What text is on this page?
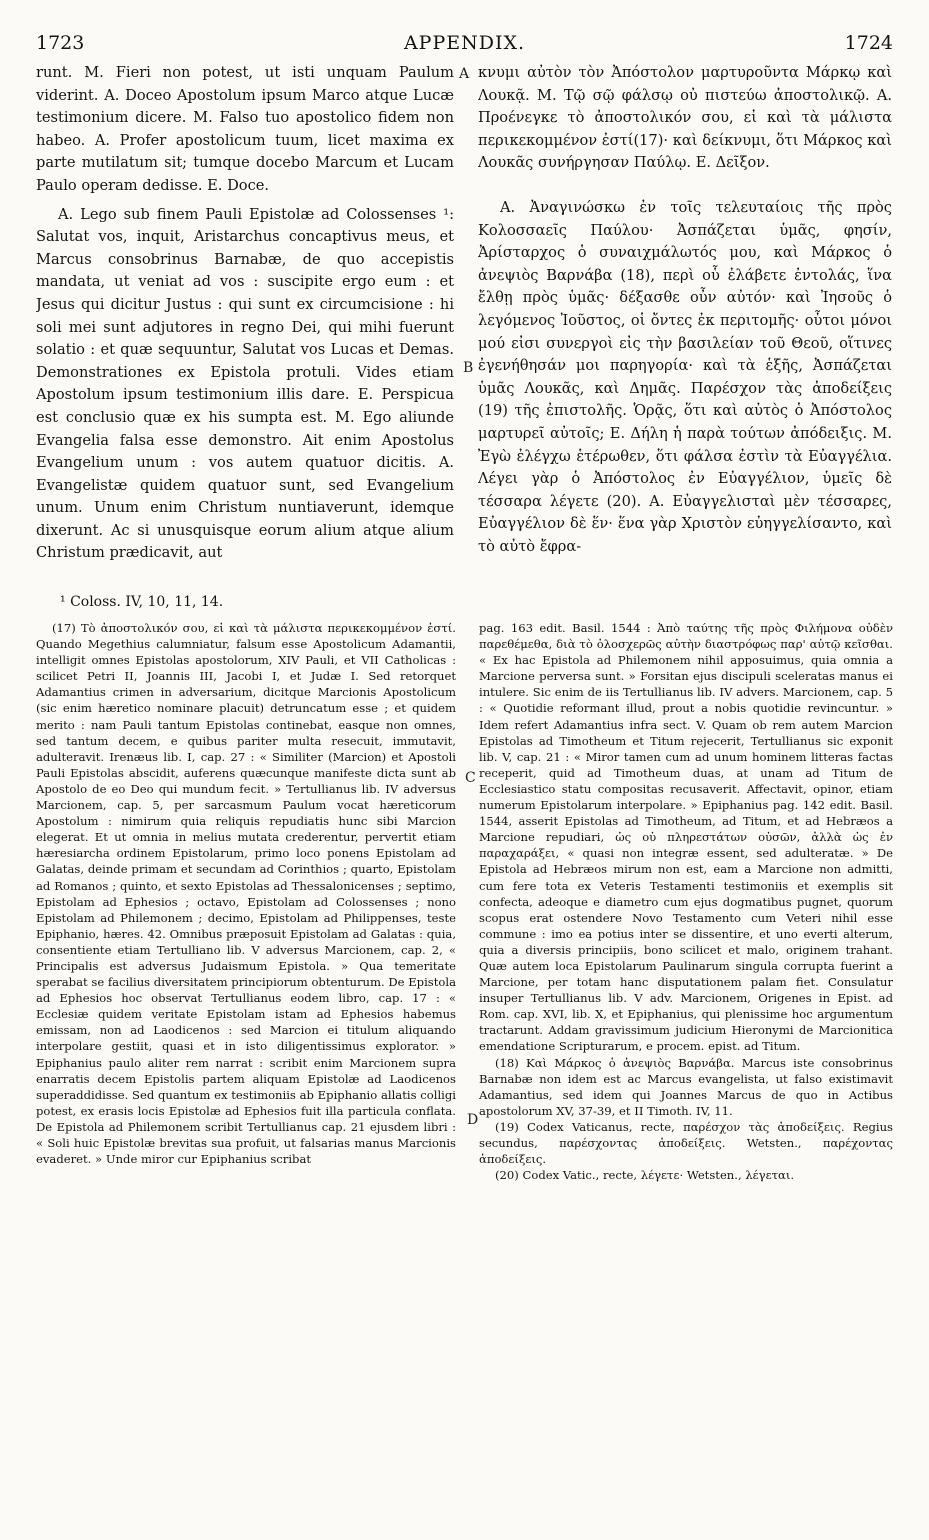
1723	APPENDIX.	1724

runt. M. Fieri non potest, ut isti unquam Paulum viderint. A. Doceo Apostolum ipsum Marco atque Lucæ testimonium dicere. M. Falso tuo apostolico fidem non habeo. A. Profer apostolicum tuum, licet maxima ex parte mutilatum sit; tumque docebo Marcum et Lucam Paulo operam dedisse. E. Doce.

A. Lego sub finem Pauli Epistolæ ad Colossenses ¹: Salutat vos, inquit, Aristarchus concaptivus meus, et Marcus consobrinus Barnabæ, de quo accepistis mandata, ut veniat ad vos : suscipite ergo eum : et Jesus qui dicitur Justus : qui sunt ex circumcisione : hi soli mei sunt adjutores in regno Dei, qui mihi fuerunt solatio : et quæ sequuntur, Salutat vos Lucas et Demas. Demonstrationes ex Epistola protuli. Vides etiam Apostolum ipsum testimonium illis dare. E. Perspicua est conclusio quæ ex his sumpta est. M. Ego aliunde Evangelia falsa esse demonstro. Ait enim Apostolus Evangelium unum : vos autem quatuor dicitis. A. Evangelistæ quidem quatuor sunt, sed Evangelium unum. Unum enim Christum nuntiaverunt, idemque dixerunt. Ac si unusquisque eorum alium atque alium Christum prædicavit, aut

κνυμι αὐτὸν τὸν Ἀπόστολον μαρτυροῦντα Μάρκῳ καὶ Λουκᾷ. Μ. Τῷ σῷ φάλσῳ οὐ πιστεύω ἀποστολικῷ. Α. Προένεγκε τὸ ἀποστολικόν σου, εἰ καὶ τὰ μάλιστα περικεκομμένον ἐστί(17)· καὶ δείκνυμι, ὅτι Μάρκος καὶ Λουκᾶς συνήργησαν Παύλῳ. Ε. Δεῖξον.

Α. Ἀναγινώσκω ἐν τοῖς τελευταίοις τῆς πρὸς Κολοσσαεῖς Παύλου· Ἀσπάζεται ὑμᾶς, φησίν, Ἀρίσταρχος ὁ συναιχμάλωτός μου, καὶ Μάρκος ὁ ἀνεψιὸς Βαρνάβα (18), περὶ οὗ ἐλάβετε ἐντολάς, ἵνα ἔλθῃ πρὸς ὑμᾶς· δέξασθε οὖν αὐτόν· καὶ Ἰησοῦς ὁ λεγόμενος Ἰοῦστος, οἱ ὄντες ἐκ περιτομῆς· οὗτοι μόνοι μού εἰσι συνεργοὶ εἰς τὴν βασιλείαν τοῦ Θεοῦ, οἵτινες ἐγενήθησάν μοι παρηγορία· καὶ τὰ ἑξῆς, Ἀσπάζεται ὑμᾶς Λουκᾶς, καὶ Δημᾶς. Παρέσχον τὰς ἀποδείξεις (19) τῆς ἐπιστολῆς. Ὁρᾷς, ὅτι καὶ αὐτὸς ὁ Ἀπόστολος μαρτυρεῖ αὐτοῖς; Ε. Δήλη ἡ παρὰ τούτων ἀπόδειξις. Μ. Ἐγὼ ἐλέγχω ἑτέρωθεν, ὅτι φάλσα ἐστὶν τὰ Εὐαγγέλια. Λέγει γὰρ ὁ Ἀπόστολος ἐν Εὐαγγέλιον, ὑμεῖς δὲ τέσσαρα λέγετε (20). Α. Εὐαγγελισταὶ μὲν τέσσαρες, Εὐαγγέλιον δὲ ἕν· ἕνα γὰρ Χριστὸν εὐηγγελίσαντο, καὶ τὸ αὐτὸ ἔφρα-

A
B
C
D
¹ Coloss. IV, 10, 11, 14.

(17) Τὸ ἀποστολικόν σου, εἰ καὶ τὰ μάλιστα περικεκομμένον ἐστί. Quando Megethius calumniatur, falsum esse Apostolicum Adamantii, intelligit omnes Epistolas apostolorum, XIV Pauli, et VII Catholicas : scilicet Petri II, Joannis III, Jacobi I, et Judæ I. Sed retorquet Adamantius crimen in adversarium, dicitque Marcionis Apostolicum (sic enim hæretico nominare placuit) detruncatum esse ; et quidem merito : nam Pauli tantum Epistolas continebat, easque non omnes, sed tantum decem, e quibus pariter multa resecuit, immutavit, adulteravit. Irenæus lib. I, cap. 27 : « Similiter (Marcion) et Apostoli Pauli Epistolas abscidit, auferens quæcunque manifeste dicta sunt ab Apostolo de eo Deo qui mundum fecit. » Tertullianus lib. IV adversus Marcionem, cap. 5, per sarcasmum Paulum vocat hæreticorum Apostolum : nimirum quia reliquis repudiatis hunc sibi Marcion elegerat. Et ut omnia in melius mutata crederentur, pervertit etiam hæresiarcha ordinem Epistolarum, primo loco ponens Epistolam ad Galatas, deinde primam et secundam ad Corinthios ; quarto, Epistolam ad Romanos ; quinto, et sexto Epistolas ad Thessalonicenses ; septimo, Epistolam ad Ephesios ; octavo, Epistolam ad Colossenses ; nono Epistolam ad Philemonem ; decimo, Epistolam ad Philippenses, teste Epiphanio, hæres. 42. Omnibus præposuit Epistolam ad Galatas : quia, consentiente etiam Tertulliano lib. V adversus Marcionem, cap. 2, « Principalis est adversus Judaismum Epistola. » Qua temeritate sperabat se facilius diversitatem principiorum obtenturum. De Epistola ad Ephesios hoc observat Tertullianus eodem libro, cap. 17 : « Ecclesiæ quidem veritate Epistolam istam ad Ephesios habemus emissam, non ad Laodicenos : sed Marcion ei titulum aliquando interpolare gestiit, quasi et in isto diligentissimus explorator. » Epiphanius paulo aliter rem narrat : scribit enim Marcionem supra enarratis decem Epistolis partem aliquam Epistolæ ad Laodicenos superaddidisse. Sed quantum ex testimoniis ab Epiphanio allatis colligi potest, ex erasis locis Epistolæ ad Ephesios fuit illa particula conflata. De Epistola ad Philemonem scribit Tertullianus cap. 21 ejusdem libri : « Soli huic Epistolæ brevitas sua profuit, ut falsarias manus Marcionis evaderet. » Unde miror cur Epiphanius scribat

pag. 163 edit. Basil. 1544 : Ἀπὸ ταύτης τῆς πρὸς Φιλήμονα οὐδὲν παρεθέμεθα, διὰ τὸ ὁλοσχερῶς αὐτὴν διαστρόφως παρ' αὐτῷ κεῖσθαι. « Ex hac Epistola ad Philemonem nihil apposuimus, quia omnia a Marcione perversa sunt. » Forsitan ejus discipuli sceleratas manus ei intulere. Sic enim de iis Tertullianus lib. IV advers. Marcionem, cap. 5 : « Quotidie reformant illud, prout a nobis quotidie revincuntur. » Idem refert Adamantius infra sect. V. Quam ob rem autem Marcion Epistolas ad Timotheum et Titum rejecerit, Tertullianus sic exponit lib. V, cap. 21 : « Miror tamen cum ad unum hominem litteras factas receperit, quid ad Timotheum duas, at unam ad Titum de Ecclesiastico statu compositas recusaverit. Affectavit, opinor, etiam numerum Epistolarum interpolare. » Epiphanius pag. 142 edit. Basil. 1544, asserit Epistolas ad Timotheum, ad Titum, et ad Hebræos a Marcione repudiari, ὡς οὐ πληρεστάτων οὐσῶν, ἀλλὰ ὡς ἐν παραχαράξει, « quasi non integræ essent, sed adulteratæ. » De Epistola ad Hebræos mirum non est, eam a Marcione non admitti, cum fere tota ex Veteris Testamenti testimoniis et exemplis sit confecta, adeoque e diametro cum ejus dogmatibus pugnet, quorum scopus erat ostendere Novo Testamento cum Veteri nihil esse commune : imo ea potius inter se dissentire, et uno everti alterum, quia a diversis principiis, bono scilicet et malo, originem trahant. Quæ autem loca Epistolarum Paulinarum singula corrupta fuerint a Marcione, per totam hanc disputationem palam fiet. Consulatur insuper Tertullianus lib. V adv. Marcionem, Origenes in Epist. ad Rom. cap. XVI, lib. X, et Epiphanius, qui plenissime hoc argumentum tractarunt. Addam gravissimum judicium Hieronymi de Marcionitica emendatione Scripturarum, e procem. epist. ad Titum.

(18) Καὶ Μάρκος ὁ ἀνεψιὸς Βαρνάβα. Marcus iste consobrinus Barnabæ non idem est ac Marcus evangelista, ut falso existimavit Adamantius, sed idem qui Joannes Marcus de quo in Actibus apostolorum XV, 37-39, et II Timoth. IV, 11.

(19) Codex Vaticanus, recte, παρέσχον τὰς ἀποδείξεις. Regius secundus, παρέσχοντας ἀποδείξεις. Wetsten., παρέχοντας ἀποδείξεις.

(20) Codex Vatic., recte, λέγετε· Wetsten., λέγεται.
